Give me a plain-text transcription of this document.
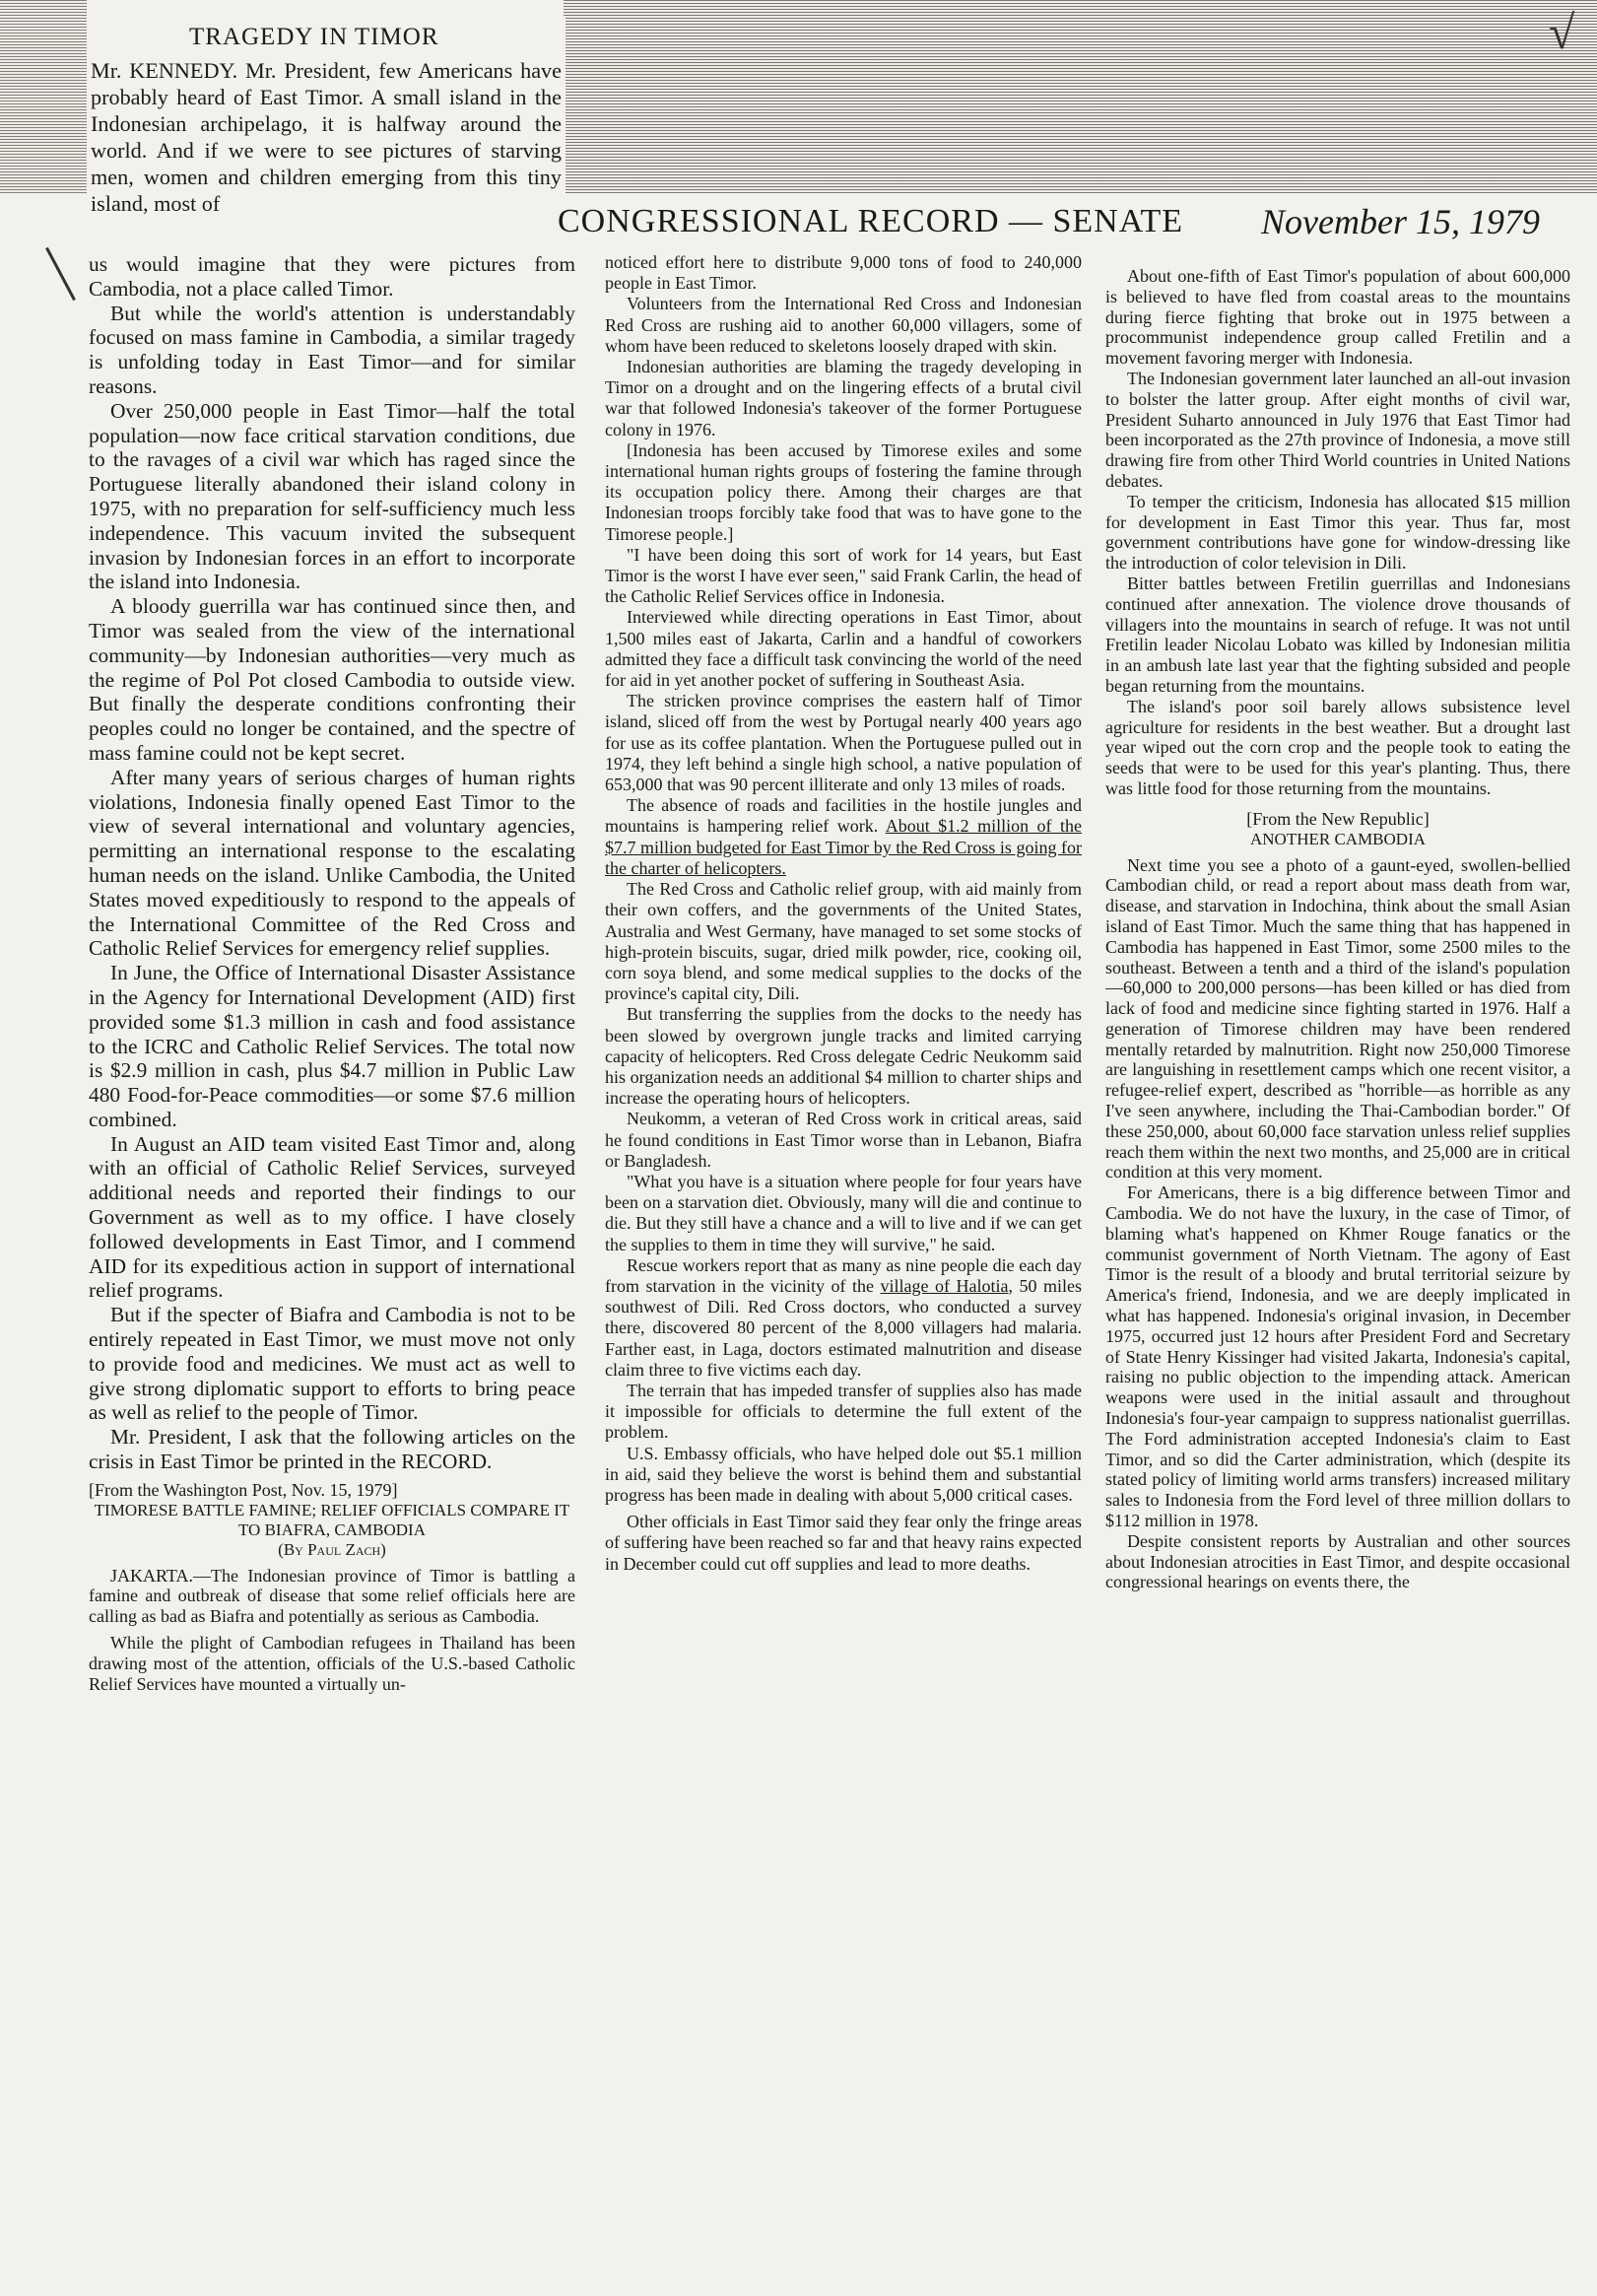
√
TRAGEDY IN TIMOR

Mr. KENNEDY. Mr. President, few Americans have probably heard of East Timor. A small island in the Indonesian archipelago, it is halfway around the world. And if we were to see pictures of starving men, women and children emerging from this tiny island, most of	CONGRESSIONAL RECORD — SENATE November 15, 1979

us would imagine that they were pictures from Cambodia, not a place called Timor.

But while the world's attention is understandably focused on mass famine in Cambodia, a similar tragedy is unfolding today in East Timor—and for similar reasons.

Over 250,000 people in East Timor—half the total population—now face critical starvation conditions, due to the ravages of a civil war which has raged since the Portuguese literally abandoned their island colony in 1975, with no preparation for self-sufficiency much less independence. This vacuum invited the subsequent invasion by Indonesian forces in an effort to incorporate the island into Indonesia.

A bloody guerrilla war has continued since then, and Timor was sealed from the view of the international community—by Indonesian authorities—very much as the regime of Pol Pot closed Cambodia to outside view. But finally the desperate conditions confronting their peoples could no longer be contained, and the spectre of mass famine could not be kept secret.

After many years of serious charges of human rights violations, Indonesia finally opened East Timor to the view of several international and voluntary agencies, permitting an international response to the escalating human needs on the island. Unlike Cambodia, the United States moved expeditiously to respond to the appeals of the International Committee of the Red Cross and Catholic Relief Services for emergency relief supplies.

In June, the Office of International Disaster Assistance in the Agency for International Development (AID) first provided some $1.3 million in cash and food assistance to the ICRC and Catholic Relief Services. The total now is $2.9 million in cash, plus $4.7 million in Public Law 480 Food-for-Peace commodities—or some $7.6 million combined.

In August an AID team visited East Timor and, along with an official of Catholic Relief Services, surveyed additional needs and reported their findings to our Government as well as to my office. I have closely followed developments in East Timor, and I commend AID for its expeditious action in support of international relief programs.

But if the specter of Biafra and Cambodia is not to be entirely repeated in East Timor, we must move not only to provide food and medicines. We must act as well to give strong diplomatic support to efforts to bring peace as well as relief to the people of Timor.

Mr. President, I ask that the following articles on the crisis in East Timor be printed in the RECORD.

[From the Washington Post, Nov. 15, 1979]

TIMORESE BATTLE FAMINE; RELIEF OFFICIALS COMPARE IT TO BIAFRA, CAMBODIA

(By Paul Zach)

JAKARTA.—The Indonesian province of Timor is battling a famine and outbreak of disease that some relief officials here are calling as bad as Biafra and potentially as serious as Cambodia.

While the plight of Cambodian refugees in Thailand has been drawing most of the attention, officials of the U.S.-based Catholic Relief Services have mounted a virtually un-

noticed effort here to distribute 9,000 tons of food to 240,000 people in East Timor.

Volunteers from the International Red Cross and Indonesian Red Cross are rushing aid to another 60,000 villagers, some of whom have been reduced to skeletons loosely draped with skin.

Indonesian authorities are blaming the tragedy developing in Timor on a drought and on the lingering effects of a brutal civil war that followed Indonesia's takeover of the former Portuguese colony in 1976.

[Indonesia has been accused by Timorese exiles and some international human rights groups of fostering the famine through its occupation policy there. Among their charges are that Indonesian troops forcibly take food that was to have gone to the Timorese people.]

"I have been doing this sort of work for 14 years, but East Timor is the worst I have ever seen," said Frank Carlin, the head of the Catholic Relief Services office in Indonesia.

Interviewed while directing operations in East Timor, about 1,500 miles east of Jakarta, Carlin and a handful of coworkers admitted they face a difficult task convincing the world of the need for aid in yet another pocket of suffering in Southeast Asia.

The stricken province comprises the eastern half of Timor island, sliced off from the west by Portugal nearly 400 years ago for use as its coffee plantation. When the Portuguese pulled out in 1974, they left behind a single high school, a native population of 653,000 that was 90 percent illiterate and only 13 miles of roads.

The absence of roads and facilities in the hostile jungles and mountains is hampering relief work. About $1.2 million of the $7.7 million budgeted for East Timor by the Red Cross is going for the charter of helicopters.

The Red Cross and Catholic relief group, with aid mainly from their own coffers, and the governments of the United States, Australia and West Germany, have managed to set some stocks of high-protein biscuits, sugar, dried milk powder, rice, cooking oil, corn soya blend, and some medical supplies to the docks of the province's capital city, Dili.

But transferring the supplies from the docks to the needy has been slowed by overgrown jungle tracks and limited carrying capacity of helicopters. Red Cross delegate Cedric Neukomm said his organization needs an additional $4 million to charter ships and increase the operating hours of helicopters.

Neukomm, a veteran of Red Cross work in critical areas, said he found conditions in East Timor worse than in Lebanon, Biafra or Bangladesh.

"What you have is a situation where people for four years have been on a starvation diet. Obviously, many will die and continue to die. But they still have a chance and a will to live and if we can get the supplies to them in time they will survive," he said.

Rescue workers report that as many as nine people die each day from starvation in the vicinity of the village of Halotia, 50 miles southwest of Dili. Red Cross doctors, who conducted a survey there, discovered 80 percent of the 8,000 villagers had malaria. Farther east, in Laga, doctors estimated malnutrition and disease claim three to five victims each day.

The terrain that has impeded transfer of supplies also has made it impossible for officials to determine the full extent of the problem.

U.S. Embassy officials, who have helped dole out $5.1 million in aid, said they believe the worst is behind them and substantial progress has been made in dealing with about 5,000 critical cases.

Other officials in East Timor said they fear only the fringe areas of suffering have been reached so far and that heavy rains expected in December could cut off supplies and lead to more deaths.

About one-fifth of East Timor's population of about 600,000 is believed to have fled from coastal areas to the mountains during fierce fighting that broke out in 1975 between a procommunist independence group called Fretilin and a movement favoring merger with Indonesia.

The Indonesian government later launched an all-out invasion to bolster the latter group. After eight months of civil war, President Suharto announced in July 1976 that East Timor had been incorporated as the 27th province of Indonesia, a move still drawing fire from other Third World countries in United Nations debates.

To temper the criticism, Indonesia has allocated $15 million for development in East Timor this year. Thus far, most government contributions have gone for window-dressing like the introduction of color television in Dili.

Bitter battles between Fretilin guerrillas and Indonesians continued after annexation. The violence drove thousands of villagers into the mountains in search of refuge. It was not until Fretilin leader Nicolau Lobato was killed by Indonesian militia in an ambush late last year that the fighting subsided and people began returning from the mountains.

The island's poor soil barely allows subsistence level agriculture for residents in the best weather. But a drought last year wiped out the corn crop and the people took to eating the seeds that were to be used for this year's planting. Thus, there was little food for those returning from the mountains.

[From the New Republic]

ANOTHER CAMBODIA

Next time you see a photo of a gaunt-eyed, swollen-bellied Cambodian child, or read a report about mass death from war, disease, and starvation in Indochina, think about the small Asian island of East Timor. Much the same thing that has happened in Cambodia has happened in East Timor, some 2500 miles to the southeast. Between a tenth and a third of the island's population—60,000 to 200,000 persons—has been killed or has died from lack of food and medicine since fighting started in 1976. Half a generation of Timorese children may have been rendered mentally retarded by malnutrition. Right now 250,000 Timorese are languishing in resettlement camps which one recent visitor, a refugee-relief expert, described as "horrible—as horrible as any I've seen anywhere, including the Thai-Cambodian border." Of these 250,000, about 60,000 face starvation unless relief supplies reach them within the next two months, and 25,000 are in critical condition at this very moment.

For Americans, there is a big difference between Timor and Cambodia. We do not have the luxury, in the case of Timor, of blaming what's happened on Khmer Rouge fanatics or the communist government of North Vietnam. The agony of East Timor is the result of a bloody and brutal territorial seizure by America's friend, Indonesia, and we are deeply implicated in what has happened. Indonesia's original invasion, in December 1975, occurred just 12 hours after President Ford and Secretary of State Henry Kissinger had visited Jakarta, Indonesia's capital, raising no public objection to the impending attack. American weapons were used in the initial assault and throughout Indonesia's four-year campaign to suppress nationalist guerrillas. The Ford administration accepted Indonesia's claim to East Timor, and so did the Carter administration, which (despite its stated policy of limiting world arms transfers) increased military sales to Indonesia from the Ford level of three million dollars to $112 million in 1978.

Despite consistent reports by Australian and other sources about Indonesian atrocities in East Timor, and despite occasional congressional hearings on events there, the
